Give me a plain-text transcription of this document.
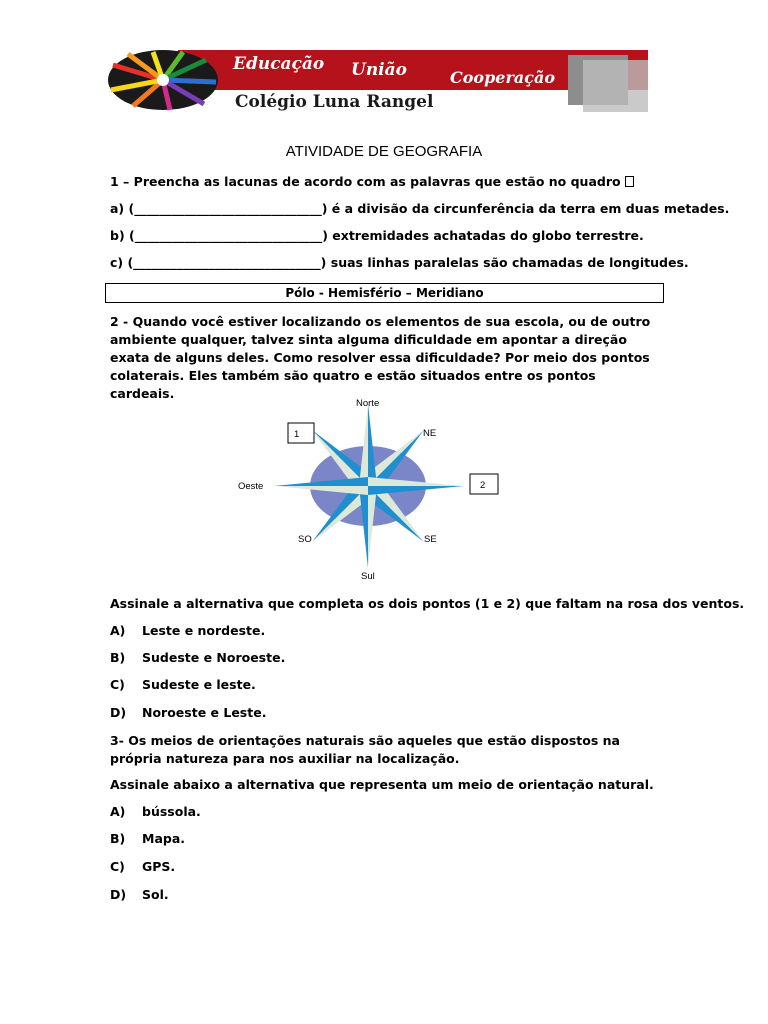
Educação União	Cooperação
Colégio Luna Rangel
ATIVIDADE DE GEOGRAFIA
1 – Preencha as lacunas de acordo com as palavras que estão no quadro
a) (______________________________) é a divisão da circunferência da terra em duas metades.
b) (______________________________) extremidades achatadas do globo terrestre.
c) (______________________________) suas linhas paralelas são chamadas de longitudes.
Pólo - Hemisfério – Meridiano
2 - Quando você estiver localizando os elementos de sua escola, ou de outro ambiente qualquer, talvez sinta alguma dificuldade em apontar a direção exata de alguns deles. Como resolver essa dificuldade? Por meio dos pontos colaterais. Eles também são quatro e estão situados entre os pontos cardeais.
Norte
NE
Oeste
SO	SE
Sul
1
2
Assinale a alternativa que completa os dois pontos (1 e 2) que faltam na rosa dos ventos.
A) Leste e nordeste.
B) Sudeste e Noroeste.
C) Sudeste e leste.
D) Noroeste e Leste.
3- Os meios de orientações naturais são aqueles que estão dispostos na própria natureza para nos auxiliar na localização.
Assinale abaixo a alternativa que representa um meio de orientação natural.
A) bússola.
B) Mapa.
C) GPS.
D) Sol.
